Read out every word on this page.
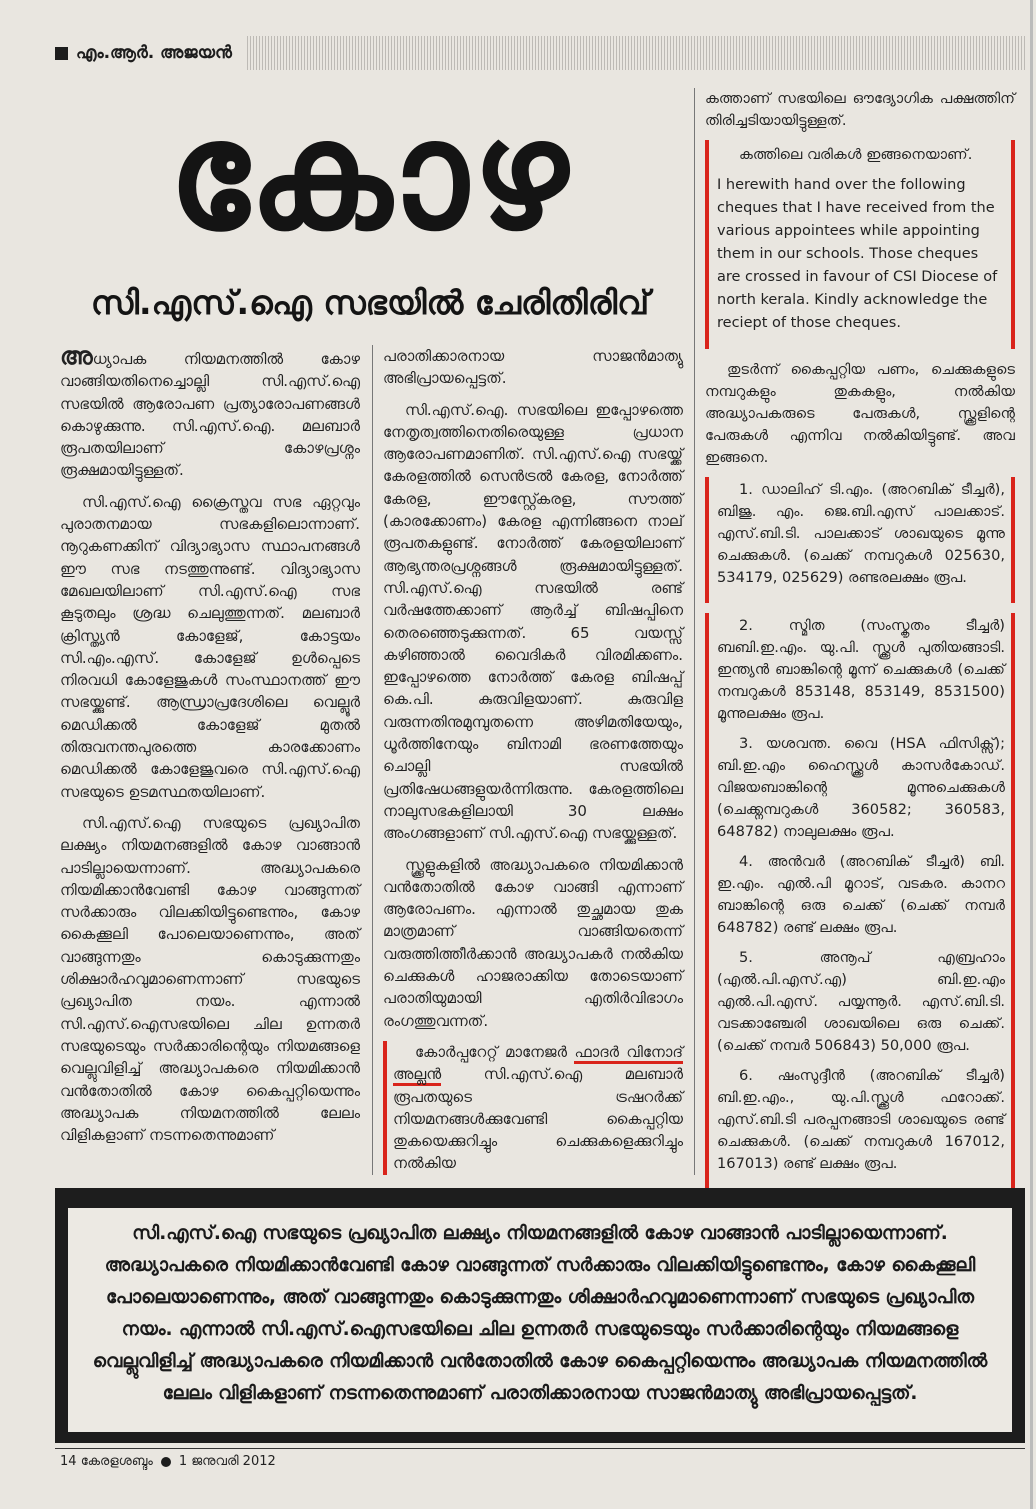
എം.ആർ. അജയൻ
കോഴ
സി.എസ്.ഐ സഭയിൽ ചേരിതിരിവ്

അധ്യാപക നിയമനത്തിൽ കോഴ വാങ്ങിയതിനെച്ചൊല്ലി സി.എസ്.ഐ സഭയിൽ ആരോപണ പ്രത്യാരോപണങ്ങൾ കൊഴുക്കുന്നു. സി.എസ്.ഐ. മലബാർ രൂപതയിലാണ് കോഴപ്രശ്നം രൂക്ഷമായിട്ടുള്ളത്.

സി.എസ്.ഐ ക്രൈസ്തവ സഭ ഏറ്റവും പുരാതനമായ സഭകളിലൊന്നാണ്. നൂറുകണക്കിന് വിദ്യാഭ്യാസ സ്ഥാപനങ്ങൾ ഈ സഭ നടത്തുന്നുണ്ട്. വിദ്യാഭ്യാസ മേഖലയിലാണ് സി.എസ്.ഐ സഭ കൂടുതലും ശ്രദ്ധ ചെലുത്തുന്നത്. മലബാർ ക്രിസ്ത്യൻ കോളേജ്, കോട്ടയം സി.എം.എസ്. കോളേജ് ഉൾപ്പെടെ നിരവധി കോളേജുകൾ സംസ്ഥാനത്ത് ഈ സഭയ്ക്കുണ്ട്. ആന്ധ്രാപ്രദേശിലെ വെല്ലൂർ മെഡിക്കൽ കോളേജ് മുതൽ തിരുവനന്തപുരത്തെ കാരക്കോണം മെഡിക്കൽ കോളേജുവരെ സി.എസ്.ഐ സഭയുടെ ഉടമസ്ഥതയിലാണ്.

സി.എസ്.ഐ സഭയുടെ പ്രഖ്യാപിത ലക്ഷ്യം നിയമനങ്ങളിൽ കോഴ വാങ്ങാൻ പാടില്ലായെന്നാണ്. അദ്ധ്യാപകരെ നിയമിക്കാൻവേണ്ടി കോഴ വാങ്ങുന്നത് സർക്കാരും വിലക്കിയിട്ടുണ്ടെന്നും, കോഴ കൈക്കൂലി പോലെയാണെന്നും, അത് വാങ്ങുന്നതും കൊടുക്കുന്നതും ശിക്ഷാർഹവുമാണെന്നാണ് സഭയുടെ പ്രഖ്യാപിത നയം. എന്നാൽ സി.എസ്.ഐസഭയിലെ ചില ഉന്നതർ സഭയുടെയും സർക്കാരിന്റെയും നിയമങ്ങളെ വെല്ലുവിളിച്ച് അദ്ധ്യാപകരെ നിയമിക്കാൻ വൻതോതിൽ കോഴ കൈപ്പറ്റിയെന്നും അദ്ധ്യാപക നിയമനത്തിൽ ലേലം വിളികളാണ് നടന്നതെന്നുമാണ്

പരാതിക്കാരനായ സാജൻമാത്യു അഭിപ്രായപ്പെട്ടത്.

സി.എസ്.ഐ. സഭയിലെ ഇപ്പോഴത്തെ നേതൃത്വത്തിനെതിരെയുള്ള പ്രധാന ആരോപണമാണിത്. സി.എസ്.ഐ സഭയ്ക്ക് കേരളത്തിൽ സെൻട്രൽ കേരള, നോർത്ത് കേരള, ഈസ്റ്റ്കേരള, സൗത്ത് (കാരക്കോണം) കേരള എന്നിങ്ങനെ നാല് രൂപതകളുണ്ട്. നോർത്ത് കേരളയിലാണ് ആഭ്യന്തരപ്രശ്നങ്ങൾ രൂക്ഷമായിട്ടുള്ളത്. സി.എസ്.ഐ സഭയിൽ രണ്ട് വർഷത്തേക്കാണ് ആർച്ച് ബിഷപ്പിനെ തെരഞ്ഞെടുക്കുന്നത്. 65 വയസ്സ് കഴിഞ്ഞാൽ വൈദികർ വിരമിക്കണം. ഇപ്പോഴത്തെ നോർത്ത് കേരള ബിഷപ്പ് കെ.പി. കുരുവിളയാണ്. കുരുവിള വരുന്നതിനുമുമ്പുതന്നെ അഴിമതിയേയും, ധൂർത്തിനേയും ബിനാമി ഭരണത്തേയും ചൊല്ലി സഭയിൽ പ്രതിഷേധങ്ങളുയർന്നിരുന്നു. കേരളത്തിലെ നാലുസഭകളിലായി 30 ലക്ഷം അംഗങ്ങളാണ് സി.എസ്.ഐ സഭയ്ക്കുള്ളത്.

സ്ക്കൂളുകളിൽ അദ്ധ്യാപകരെ നിയമിക്കാൻ വൻതോതിൽ കോഴ വാങ്ങി എന്നാണ് ആരോപണം. എന്നാൽ തുച്ഛമായ തുക മാത്രമാണ് വാങ്ങിയതെന്ന് വരുത്തിത്തീർക്കാൻ അദ്ധ്യാപകർ നൽകിയ ചെക്കുകൾ ഹാജരാക്കിയ തോടെയാണ് പരാതിയുമായി എതിർവിഭാഗം രംഗത്തുവന്നത്.

കോർപ്പറേറ്റ് മാനേജർ ഫാദർ വിനോദ് അല്ലൻ സി.എസ്.ഐ മലബാർ രൂപതയുടെ ട്രഷറർക്ക് നിയമനങ്ങൾക്കുവേണ്ടി കൈപ്പറ്റിയ തുകയെക്കുറിച്ചും ചെക്കുകളെക്കുറിച്ചും നൽകിയ

കത്താണ് സഭയിലെ ഔദ്യോഗിക പക്ഷത്തിന് തിരിച്ചടിയായിട്ടുള്ളത്.

കത്തിലെ വരികൾ ഇങ്ങനെയാണ്.

I herewith hand over the following cheques that I have received from the various appointees while appointing them in our schools. Those cheques are crossed in favour of CSI Diocese of north kerala. Kindly acknowledge the reciept of those cheques.

തുടർന്ന് കൈപ്പറ്റിയ പണം, ചെക്കുകളുടെ നമ്പറുകളും തുകകളും, നൽകിയ അദ്ധ്യാപകരുടെ പേരുകൾ, സ്ക്കൂളിന്റെ പേരുകൾ എന്നിവ നൽകിയിട്ടുണ്ട്. അവ ഇങ്ങനെ.

1. ഡാലിഹ് ടി.എം. (അറബിക് ടീച്ചർ), ബിജു. എം. ജെ.ബി.എസ് പാലക്കാട്. എസ്.ബി.ടി. പാലക്കാട് ശാഖയുടെ മൂന്നു ചെക്കുകൾ. (ചെക്ക് നമ്പറുകൾ 025630, 534179, 025629) രണ്ടരലക്ഷം രൂപ.

2. സ്മിത (സംസ്കൃതം ടീച്ചർ) ബബി.ഇ.എം. യു.പി. സ്ക്കൂൾ പുതിയങ്ങാടി. ഇന്ത്യൻ ബാങ്കിന്റെ മൂന്ന് ചെക്കുകൾ (ചെക്ക് നമ്പറുകൾ 853148, 853149, 8531500) മൂന്നുലക്ഷം രൂപ.

3. യശവന്ത. വൈ (HSA ഫിസിക്സ്); ബി.ഇ.എം ഹൈസ്ക്കൂൾ കാസർകോഡ്. വിജയബാങ്കിന്റെ മൂന്നുചെക്കുകൾ (ചെക്ക്നമ്പറുകൾ 360582; 360583, 648782) നാലുലക്ഷം രൂപ.

4. അൻവർ (അറബിക് ടീച്ചർ) ബി. ഇ.എം. എൽ.പി മൂറാട്, വടകര. കാനറ ബാങ്കിന്റെ ഒരു ചെക്ക് (ചെക്ക് നമ്പർ 648782) രണ്ട് ലക്ഷം രൂപ.

5. അനൂപ് എബ്രഹാം (എൽ.പി.എസ്.എ) ബി.ഇ.എം എൽ.പി.എസ്. പയ്യന്നൂർ. എസ്.ബി.ടി. വടക്കാഞ്ചേരി ശാഖയിലെ ഒരു ചെക്ക്. (ചെക്ക് നമ്പർ 506843) 50,000 രൂപ.

6. ഷംസുദ്ദീൻ (അറബിക് ടീച്ചർ) ബി.ഇ.എം., യു.പി.സ്ക്കൂൾ ഫറോക്ക്. എസ്.ബി.ടി പരപ്പനങ്ങാടി ശാഖയുടെ രണ്ട് ചെക്കുകൾ. (ചെക്ക് നമ്പറുകൾ 167012, 167013) രണ്ട് ലക്ഷം രൂപ.

സി.എസ്.ഐ സഭയുടെ പ്രഖ്യാപിത ലക്ഷ്യം നിയമനങ്ങളിൽ കോഴ വാങ്ങാൻ പാടില്ലായെന്നാണ്. അദ്ധ്യാപകരെ നിയമിക്കാൻവേണ്ടി കോഴ വാങ്ങുന്നത് സർക്കാരും വിലക്കിയിട്ടുണ്ടെന്നും, കോഴ കൈക്കൂലി പോലെയാണെന്നും, അത് വാങ്ങുന്നതും കൊടുക്കുന്നതും ശിക്ഷാർഹവുമാണെന്നാണ് സഭയുടെ പ്രഖ്യാപിത നയം. എന്നാൽ സി.എസ്.ഐസഭയിലെ ചില ഉന്നതർ സഭയുടെയും സർക്കാരിന്റെയും നിയമങ്ങളെ വെല്ലുവിളിച്ച് അദ്ധ്യാപകരെ നിയമിക്കാൻ വൻതോതിൽ കോഴ കൈപ്പറ്റിയെന്നും അദ്ധ്യാപക നിയമനത്തിൽ ലേലം വിളികളാണ് നടന്നതെന്നുമാണ് പരാതിക്കാരനായ സാജൻമാത്യു അഭിപ്രായപ്പെട്ടത്.
14
കേരളശബ്ദം 1 ജനുവരി 2012
